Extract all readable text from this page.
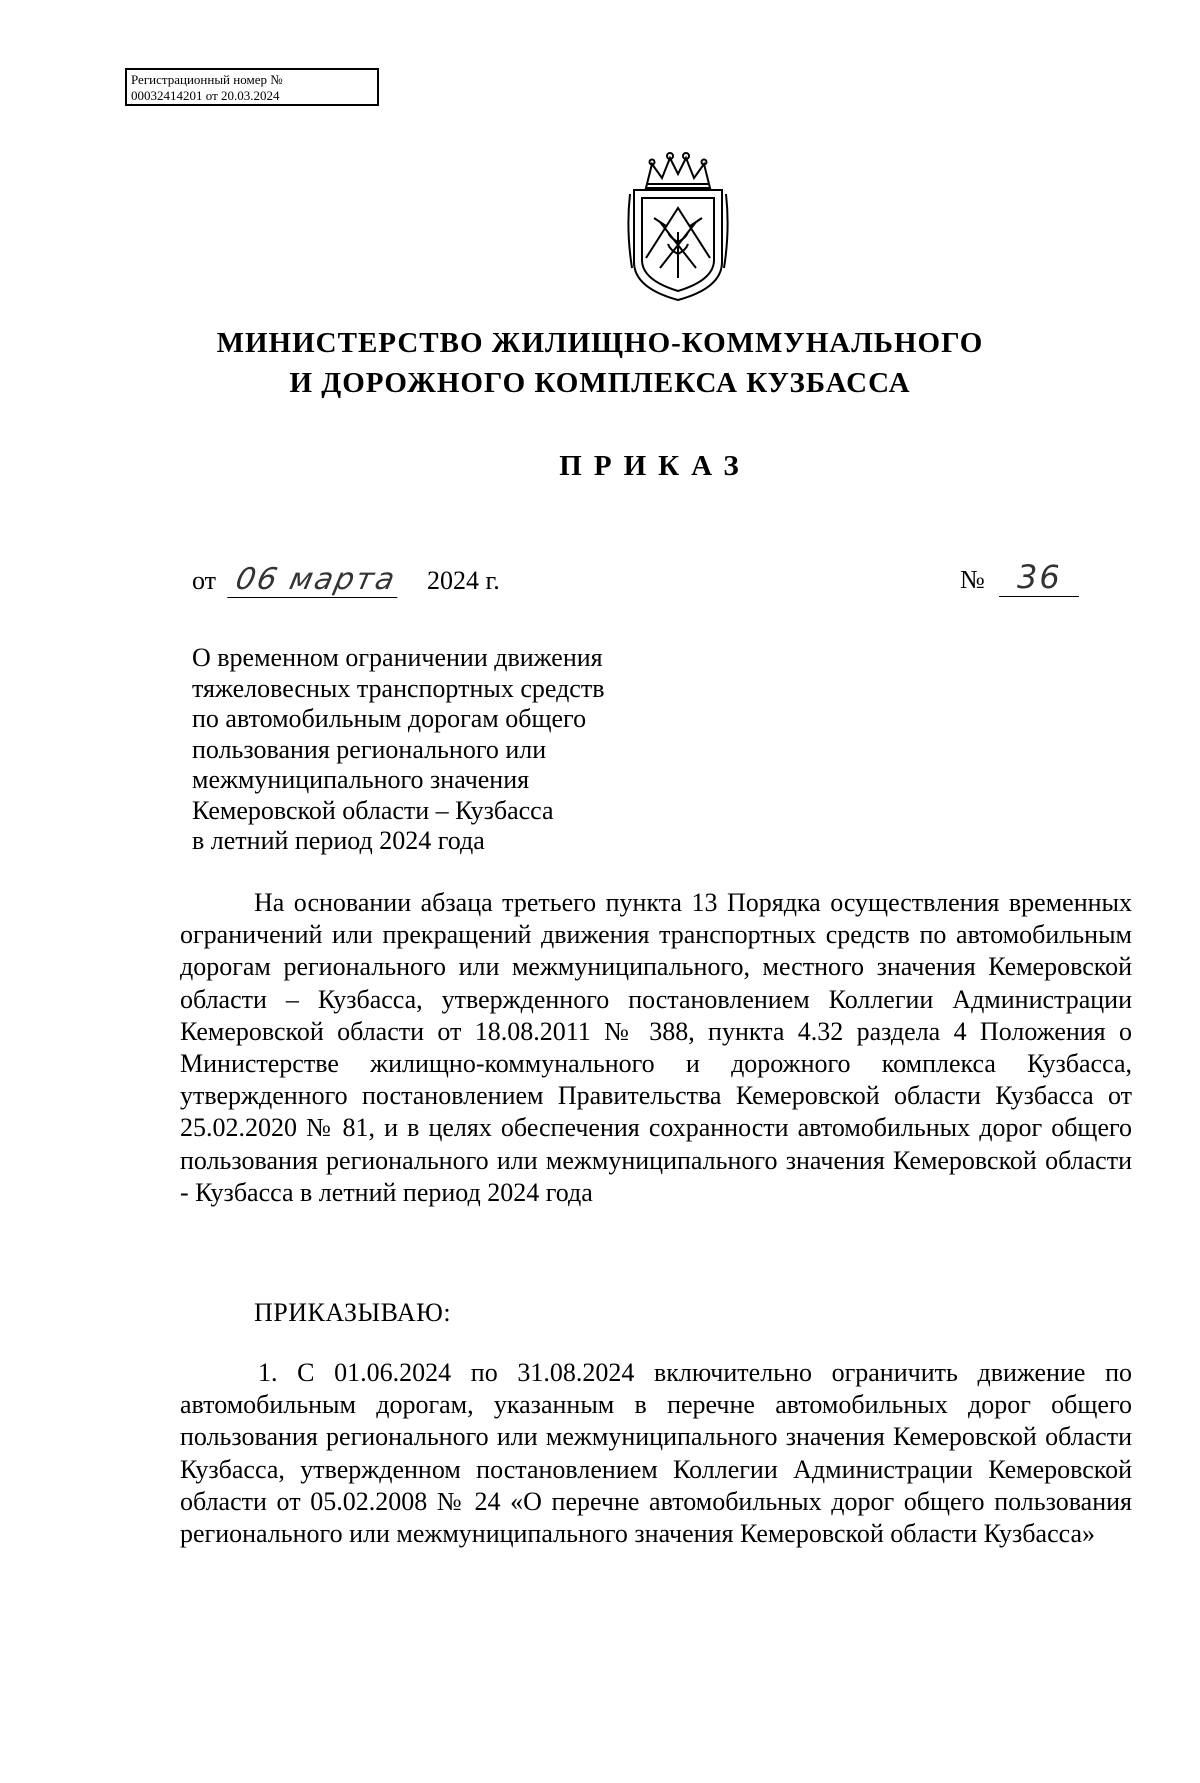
Регистрационный номер №
00032414201 от 20.03.2024
МИНИСТЕРСТВО ЖИЛИЩНО-КОММУНАЛЬНОГО
И ДОРОЖНОГО КОМПЛЕКСА КУЗБАССА
ПРИКАЗ
от 06 марта 2024 г.	№ 36
О временном ограничении движения
тяжеловесных транспортных средств
по автомобильным дорогам общего
пользования регионального или
межмуниципального значения
Кемеровской области – Кузбасса
в летний период 2024 года

На основании абзаца третьего пункта 13 Порядка осуществления временных ограничений или прекращений движения транспортных средств по автомобильным дорогам регионального или межмуниципального, местного значения Кемеровской области – Кузбасса, утвержденного постановлением Коллегии Администрации Кемеровской области от 18.08.2011 № 388, пункта 4.32 раздела 4 Положения о Министерстве жилищно-коммунального и дорожного комплекса Кузбасса, утвержденного постановлением Правительства Кемеровской области Кузбасса от 25.02.2020 № 81, и в целях обеспечения сохранности автомобильных дорог общего пользования регионального или межмуниципального значения Кемеровской области - Кузбасса в летний период 2024 года

ПРИКАЗЫВАЮ:

1. С 01.06.2024 по 31.08.2024 включительно ограничить движение по автомобильным дорогам, указанным в перечне автомобильных дорог общего пользования регионального или межмуниципального значения Кемеровской области Кузбасса, утвержденном постановлением Коллегии Администрации Кемеровской области от 05.02.2008 № 24 «О перечне автомобильных дорог общего пользования регионального или межмуниципального значения Кемеровской области Кузбасса»
